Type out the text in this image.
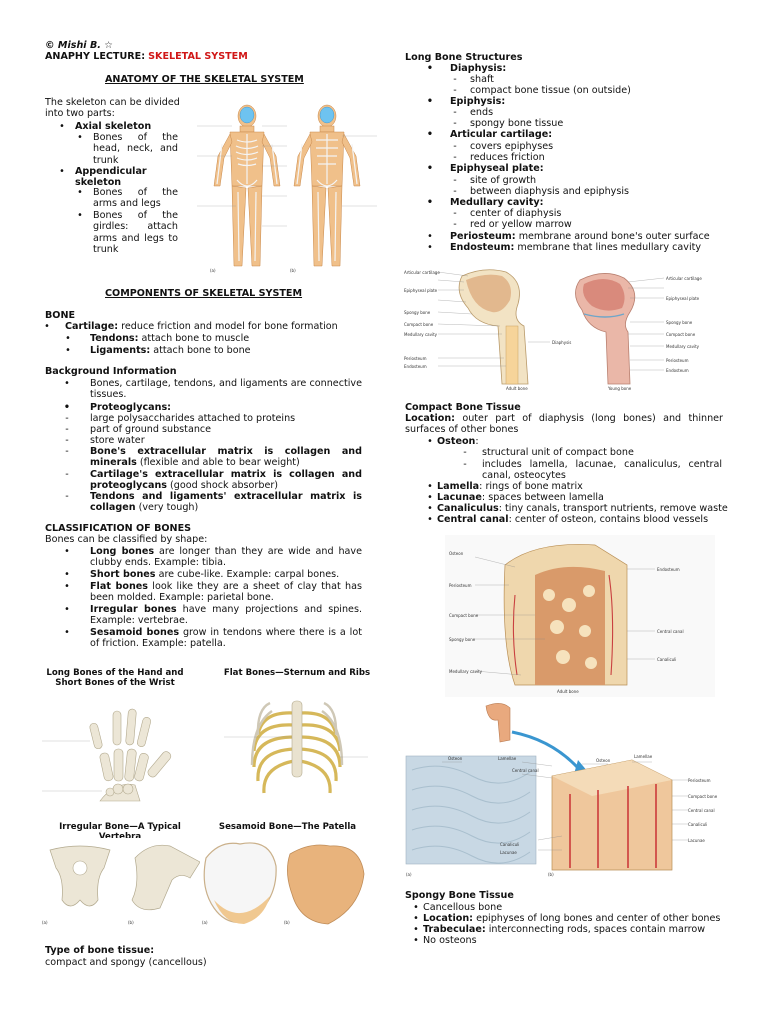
© Mishi B. ☆
ANAPHY LECTURE: SKELETAL SYSTEM
ANATOMY OF THE SKELETAL SYSTEM
The skeleton can be divided into two parts:
• Axial skeleton
• Bones of the head, neck, and trunk
• Appendicular skeleton
• Bones of the arms and legs
• Bones of the girdles: attach arms and legs to trunk
(a)	(b)
COMPONENTS OF SKELETAL SYSTEM
BONE
• Cartilage: reduce friction and model for bone formation
• Tendons: attach bone to muscle
• Ligaments: attach bone to bone
Background Information
• Bones, cartilage, tendons, and ligaments are connective tissues.
• Proteoglycans:
-	large polysaccharides attached to proteins
-	part of ground substance
-	store water
-	Bone's extracellular matrix is collagen and minerals (flexible and able to bear weight)
-	Cartilage's extracellular matrix is collagen and proteoglycans (good shock absorber)
-	Tendons and ligaments' extracellular matrix is collagen (very tough)
CLASSIFICATION OF BONES
Bones can be classified by shape:
• Long bones are longer than they are wide and have clubby ends. Example: tibia.
• Short bones are cube-like. Example: carpal bones.
• Flat bones look like they are a sheet of clay that has been molded. Example: parietal bone.
• Irregular bones have many projections and spines. Example: vertebrae.
• Sesamoid bones grow in tendons where there is a lot of friction. Example: patella.
Long Bones of the Hand and Short Bones of the Wrist
Flat Bones—Sternum and Ribs
Irregular Bone—A Typical
(a)	(b)
Sesamoid Bone—The Patella
(a)	(b)
Type of bone tissue:
compact and spongy (cancellous)
Long Bone Structures
• Diaphysis:
-	shaft
-	compact bone tissue (on outside)
• Epiphysis:
-	ends
-	spongy bone tissue
• Articular cartilage:
-	covers epiphyses
-	reduces friction
• Epiphyseal plate:
-	site of growth
-	between diaphysis and epiphysis
• Medullary cavity:
-	center of diaphysis
-	red or yellow marrow
• Periosteum: membrane around bone's outer surface
• Endosteum: membrane that lines medullary cavity
Articular cartilage
Epiphyseal plate
Spongy bone
Compact bone
Medullary cavity
Periosteum
Endosteum
Diaphysis
Adult bone	Young bone
Articular cartilage
Epiphyseal plate
Spongy bone
Compact bone
Medullary cavity
Periosteum
Endosteum
Compact Bone Tissue
Location: outer part of diaphysis (long bones) and thinner surfaces of other bones
• Osteon:
-	structural unit of compact bone
-	includes lamella, lacunae, canaliculus, central canal, osteocytes
• Lamella: rings of bone matrix
• Lacunae: spaces between lamella
• Canaliculus: tiny canals, transport nutrients, remove waste
• Central canal: center of osteon, contains blood vessels
Osteon
Periosteum
Compact bone
Spongy bone
Medullary cavity
Endosteum
Central canal
Canaliculi
Adult bone
Osteon	Lamellae
Central canal
Canaliculi
Lacunae
Osteon
Lamellae
Periosteum
Compact bone
Central canal
Canaliculi
Lacunae
(a)	(b)
Spongy Bone Tissue
• Cancellous bone
• Location: epiphyses of long bones and center of other bones
• Trabeculae: interconnecting rods, spaces contain marrow
• No osteons
